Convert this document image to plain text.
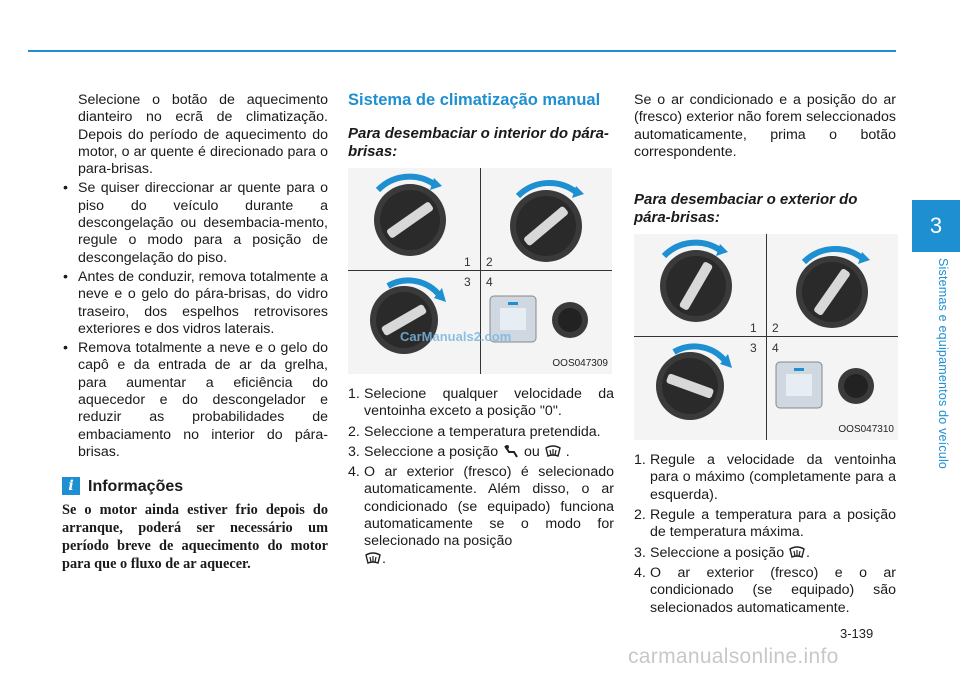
3
Sistemas e equipamentos do veículo

Selecione o botão de aquecimento dianteiro no ecrã de climatização. Depois do período de aquecimento do motor, o ar quente é direcionado para o para-brisas.

• Se quiser direccionar ar quente para o piso do veículo durante a descongelação ou desembacia-mento, regule o modo para a posição de descongelação do piso.
• Antes de conduzir, remova totalmente a neve e o gelo do pára-brisas, do vidro traseiro, dos espelhos retrovisores exteriores e dos vidros laterais.
• Remova totalmente a neve e o gelo do capô e da entrada de ar da grelha, para aumentar a eficiência do aquecedor e do descongelador e reduzir as probabilidades de embaciamento no interior do pára-brisas.
i Informações

Se o motor ainda estiver frio depois do arranque, poderá ser necessário um período breve de aquecimento do motor para que o fluxo de ar aquecer.

Sistema de climatização manual
Para desembaciar o interior do pára-brisas:
1 2
3 4
CarManuals2.com
OOS047309
1. Selecione qualquer velocidade da ventoinha exceto a posição "0".
2. Seleccione a temperatura pretendida.
3. Seleccione a posição ou .
4. O ar exterior (fresco) é selecionado automaticamente. Além disso, o ar condicionado (se equipado) funciona automaticamente se o modo for selecionado na posição
.

Se o ar condicionado e a posição do ar (fresco) exterior não forem seleccionados automaticamente, prima o botão correspondente.

Para desembaciar o exterior do pára-brisas:
1 2
3 4
OOS047310
1. Regule a velocidade da ventoinha para o máximo (completamente para a esquerda).
2. Regule a temperatura para a posição de temperatura máxima.
3. Seleccione a posição .
4. O ar exterior (fresco) e o ar condicionado (se equipado) são selecionados automaticamente.
3-139
carmanualsonline.info
